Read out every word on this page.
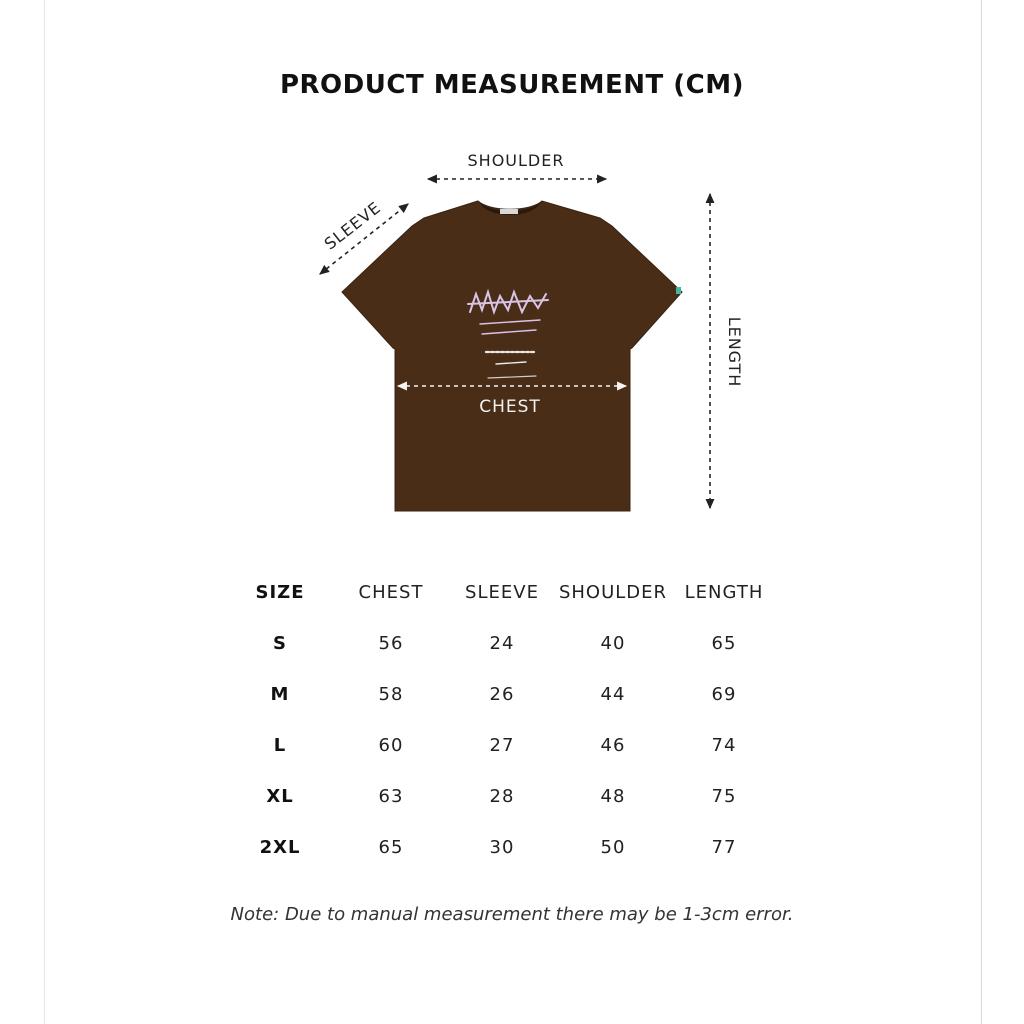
PRODUCT MEASUREMENT (CM)
SHOULDER
SLEEVE
LENGTH
CHEST
SIZE	CHEST SLEEVE SHOULDER LENGTH
S	56	24	40	65
M	58	26	44	69
L	60	27	46	74
XL	63	28	48	75
2XL	65	30	50	77
Note: Due to manual measurement there may be 1-3cm error.
